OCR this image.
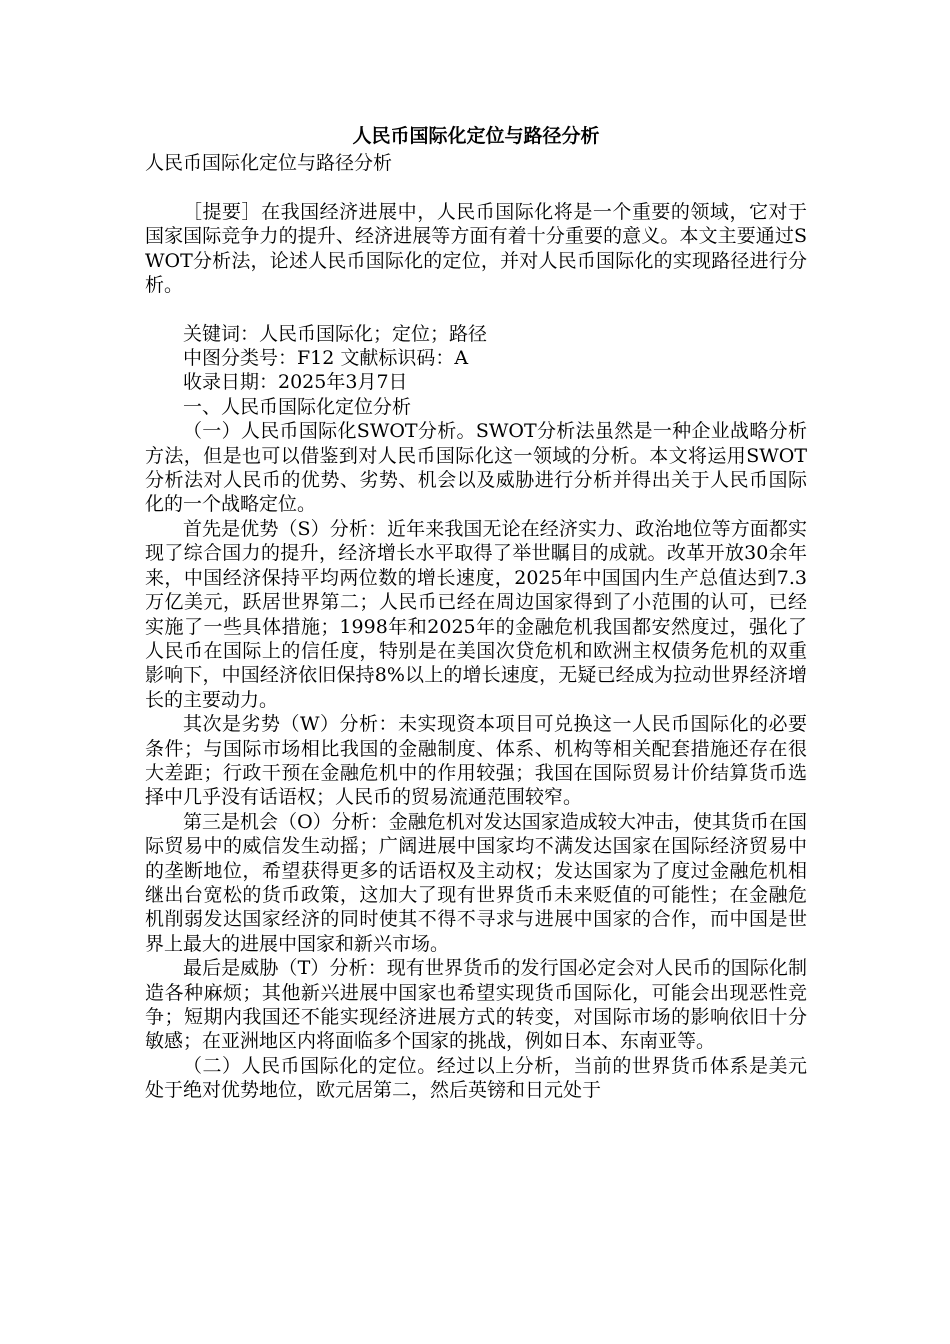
人民币国际化定位与路径分析

人民币国际化定位与路径分析

［提要］在我国经济进展中，人民币国际化将是一个重要的领域，它对于国家国际竞争力的提升、经济进展等方面有着十分重要的意义。本文主要通过SWOT分析法，论述人民币国际化的定位，并对人民币国际化的实现路径进行分析。

关键词：人民币国际化；定位；路径

中图分类号：F12 文献标识码：A

收录日期：2025年3月7日

一、人民币国际化定位分析

（一）人民币国际化SWOT分析。SWOT分析法虽然是一种企业战略分析方法，但是也可以借鉴到对人民币国际化这一领域的分析。本文将运用SWOT分析法对人民币的优势、劣势、机会以及威胁进行分析并得出关于人民币国际化的一个战略定位。

首先是优势（S）分析：近年来我国无论在经济实力、政治地位等方面都实现了综合国力的提升，经济增长水平取得了举世瞩目的成就。改革开放30余年来，中国经济保持平均两位数的增长速度，2025年中国国内生产总值达到7.3万亿美元，跃居世界第二；人民币已经在周边国家得到了小范围的认可，已经实施了一些具体措施；1998年和2025年的金融危机我国都安然度过，强化了人民币在国际上的信任度，特别是在美国次贷危机和欧洲主权债务危机的双重影响下，中国经济依旧保持8%以上的增长速度，无疑已经成为拉动世界经济增长的主要动力。

其次是劣势（W）分析：未实现资本项目可兑换这一人民币国际化的必要条件；与国际市场相比我国的金融制度、体系、机构等相关配套措施还存在很大差距；行政干预在金融危机中的作用较强；我国在国际贸易计价结算货币选择中几乎没有话语权；人民币的贸易流通范围较窄。

第三是机会（O）分析：金融危机对发达国家造成较大冲击，使其货币在国际贸易中的威信发生动摇；广阔进展中国家均不满发达国家在国际经济贸易中的垄断地位，希望获得更多的话语权及主动权；发达国家为了度过金融危机相继出台宽松的货币政策，这加大了现有世界货币未来贬值的可能性；在金融危机削弱发达国家经济的同时使其不得不寻求与进展中国家的合作，而中国是世界上最大的进展中国家和新兴市场。

最后是威胁（T）分析：现有世界货币的发行国必定会对人民币的国际化制造各种麻烦；其他新兴进展中国家也希望实现货币国际化，可能会出现恶性竞争；短期内我国还不能实现经济进展方式的转变，对国际市场的影响依旧十分敏感；在亚洲地区内将面临多个国家的挑战，例如日本、东南亚等。

（二）人民币国际化的定位。经过以上分析，当前的世界货币体系是美元处于绝对优势地位，欧元居第二，然后英镑和日元处于
